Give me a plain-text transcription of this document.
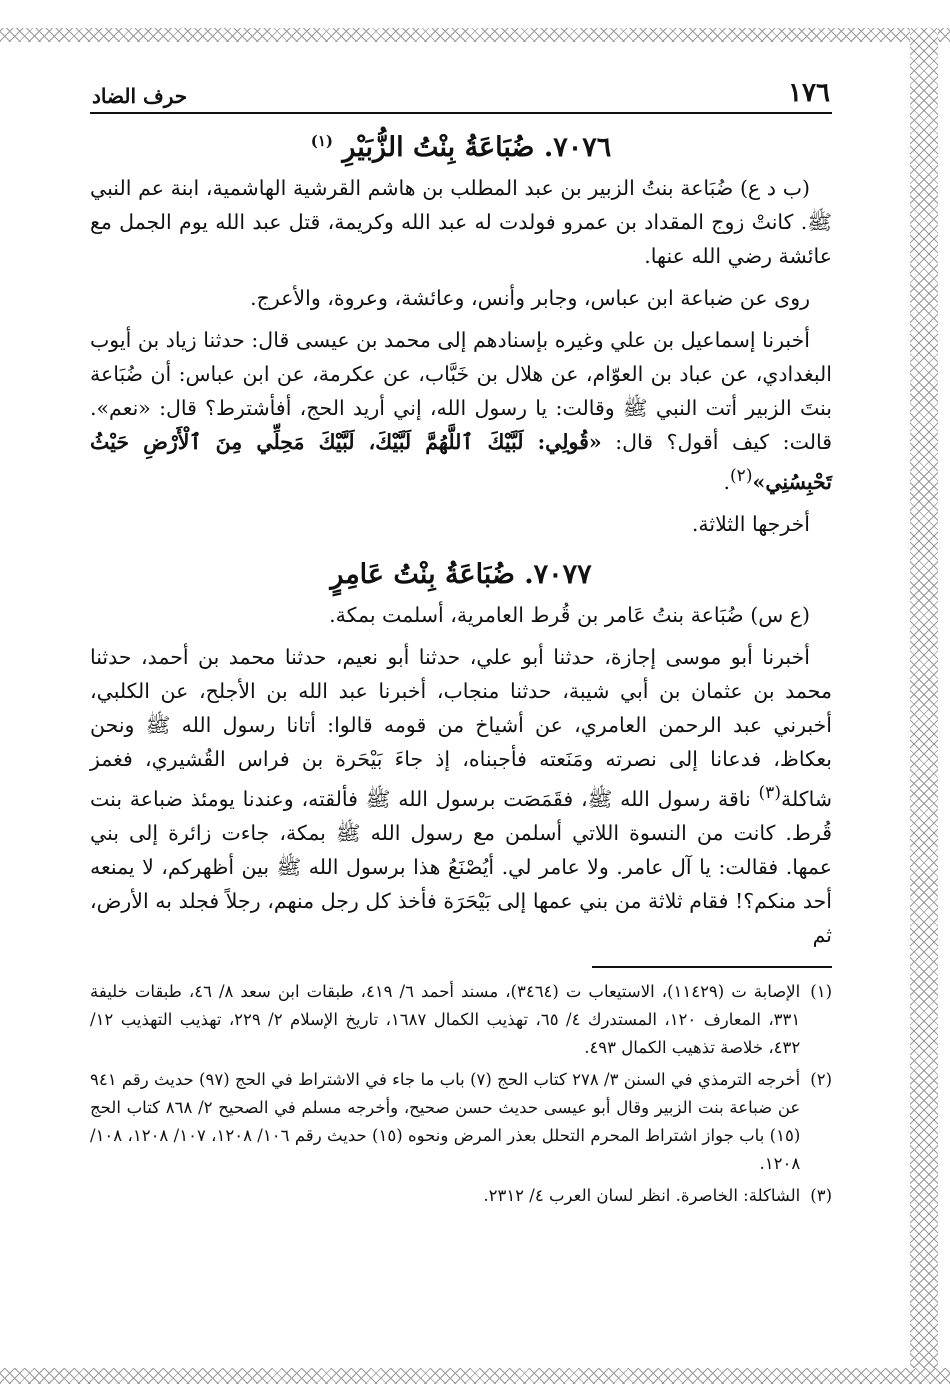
١٧٦
حرف الضاد
٧٠٧٦. ضُبَاعَةُ بِنْتُ الزُّبَيْرِ $^{(١)}$

(ب د ع) ضُبَاعة بنتُ الزبير بن عبد المطلب بن هاشم القرشية الهاشمية، ابنة عم النبي ﷺ. كانتْ زوج المقداد بن عمرو فولدت له عبد الله وكريمة، قتل عبد الله يوم الجمل مع عائشة رضي الله عنها.

روى عن ضباعة ابن عباس، وجابر وأنس، وعائشة، وعروة، والأعرج.

أخبرنا إسماعيل بن علي وغيره بإسنادهم إلى محمد بن عيسى قال: حدثنا زياد بن أيوب البغدادي، عن عباد بن العوّام، عن هلال بن خَبَّاب، عن عكرمة، عن ابن عباس: أن ضُبَاعة بنتَ الزبير أتت النبي ﷺ وقالت: يا رسول الله، إني أريد الحج، أفأشترط؟ قال: «نعم». قالت: كيف أقول؟ قال: «قُولِي: لَبَّيْكَ ٱللَّهُمَّ لَبَّيْكَ، لَبَّيْكَ مَحِلِّي مِنَ ٱلْأَرْضِ حَيْثُ تَحْبِسُنِي»$^{(٢)}$.

أخرجها الثلاثة.

٧٠٧٧. ضُبَاعَةُ بِنْتُ عَامِرٍ

(ع س) ضُبَاعة بنتُ عَامر بن قُرط العامرية، أسلمت بمكة.

أخبرنا أبو موسى إجازة، حدثنا أبو علي، حدثنا أبو نعيم، حدثنا محمد بن أحمد، حدثنا محمد بن عثمان بن أبي شيبة، حدثنا منجاب، أخبرنا عبد الله بن الأجلح، عن الكلبي، أخبرني عبد الرحمن العامري، عن أشياخ من قومه قالوا: أتانا رسول الله ﷺ ونحن بعكاظ، فدعانا إلى نصرته ومَنَعته فأجبناه، إذ جاءَ بَيْحَرة بن فراس القُشيري، فغمز شاكلة$^{(٣)}$ ناقة رسول الله ﷺ، فقَمَصَت برسول الله ﷺ فألقته، وعندنا يومئذ ضباعة بنت قُرط. كانت من النسوة اللاتي أسلمن مع رسول الله ﷺ بمكة، جاءت زائرة إلى بني عمها. فقالت: يا آل عامر. ولا عامر لي. أيُصْنَعُ هذا برسول الله ﷺ بين أظهركم، لا يمنعه أحد منكم؟! فقام ثلاثة من بني عمها إلى بَيْحَرَة فأخذ كل رجل منهم، رجلاً فجلد به الأرض، ثم

(١)
الإصابة ت (١١٤٢٩)، الاستيعاب ت (٣٤٦٤)، مسند أحمد ٦/ ٤١٩، طبقات ابن سعد ٨/ ٤٦، طبقات خليفة ٣٣١، المعارف ١٢٠، المستدرك ٤/ ٦٥، تهذيب الكمال ١٦٨٧، تاريخ الإسلام ٢/ ٢٢٩، تهذيب التهذيب ١٢/ ٤٣٢، خلاصة تذهيب الكمال ٤٩٣.
(٢)
أخرجه الترمذي في السنن ٣/ ٢٧٨ كتاب الحج (٧) باب ما جاء في الاشتراط في الحج (٩٧) حديث رقم ٩٤١ عن ضباعة بنت الزبير وقال أبو عيسى حديث حسن صحيح، وأخرجه مسلم في الصحيح ٢/ ٨٦٨ كتاب الحج (١٥) باب جواز اشتراط المحرم التحلل بعذر المرض ونحوه (١٥) حديث رقم ١٠٦/ ١٢٠٨، ١٠٧/ ١٢٠٨، ١٠٨/ ١٢٠٨.
(٣)
الشاكلة: الخاصرة. انظر لسان العرب ٤/ ٢٣١٢.
